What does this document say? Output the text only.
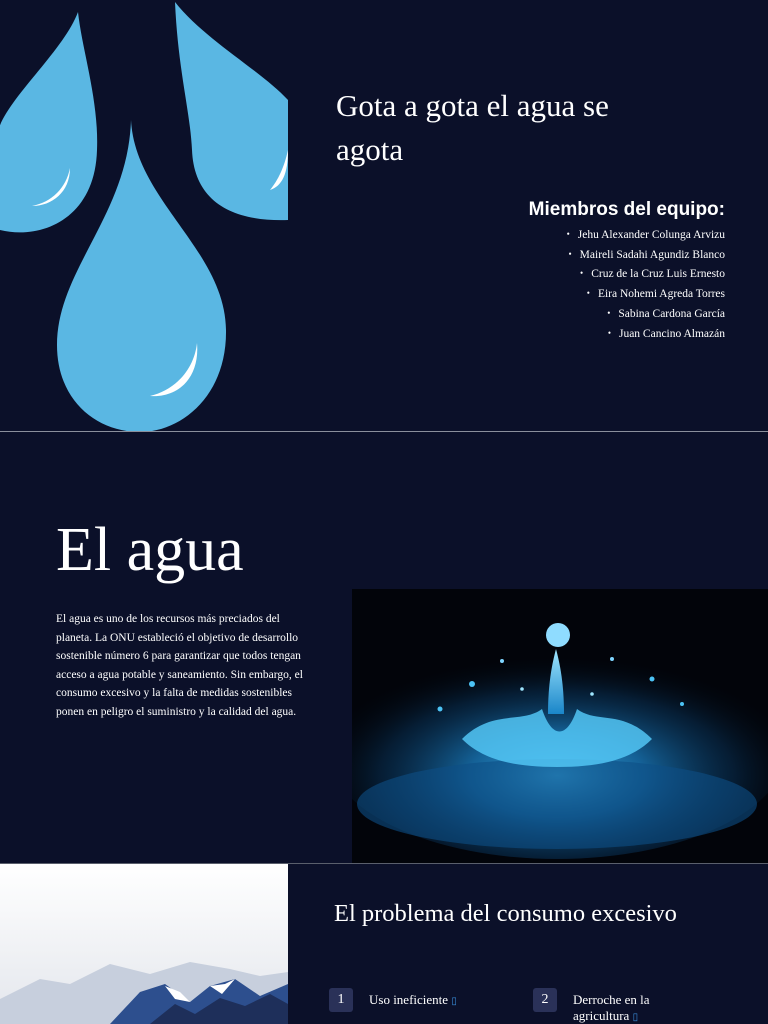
Gota a gota el agua se agota
Miembros del equipo:
• Jehu Alexander Colunga Arvizu
• Maireli Sadahi Agundiz Blanco
• Cruz de la Cruz Luis Ernesto
• Eira Nohemi Agreda Torres
• Sabina Cardona García
• Juan Cancino Almazán
El agua

El agua es uno de los recursos más preciados del planeta. La ONU estableció el objetivo de desarrollo sostenible número 6 para garantizar que todos tengan acceso a agua potable y saneamiento. Sin embargo, el consumo excesivo y la falta de medidas sostenibles ponen en peligro el suministro y la calidad del agua.

El problema del consumo excesivo
1	Uso ineficiente ▯	2	Derroche en la agricultura ▯
